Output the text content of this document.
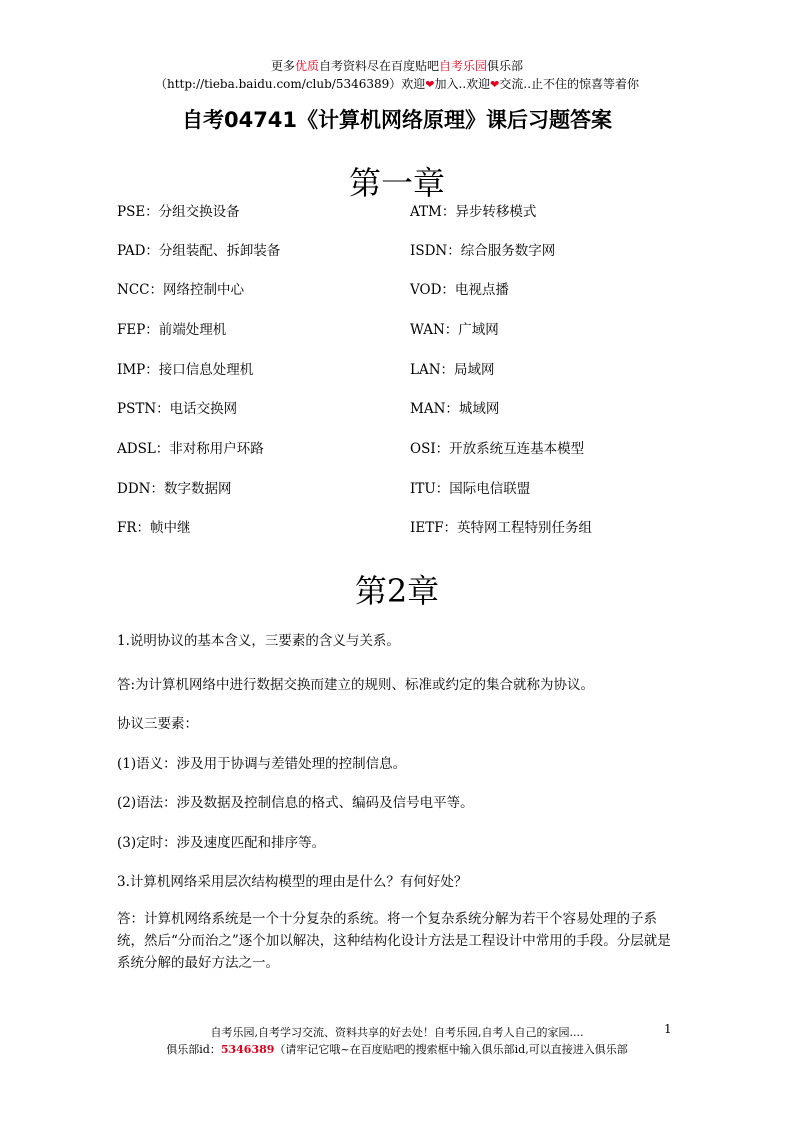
更多优质自考资料尽在百度贴吧自考乐园俱乐部
（http://tieba.baidu.com/club/5346389）欢迎❤加入..欢迎❤交流..止不住的惊喜等着你
自考04741《计算机网络原理》课后习题答案
第一章
PSE：分组交换设备	ATM：异步转移模式
PAD：分组装配、拆卸装备	ISDN：综合服务数字网
NCC：网络控制中心	VOD：电视点播
FEP：前端处理机	WAN：广域网
IMP：接口信息处理机	LAN：局域网
PSTN：电话交换网	MAN：城域网
ADSL：非对称用户环路	OSI：开放系统互连基本模型
DDN：数字数据网	ITU：国际电信联盟
FR：帧中继	IETF：英特网工程特别任务组
第2章
1.说明协议的基本含义，三要素的含义与关系。
答:为计算机网络中进行数据交换而建立的规则、标准或约定的集合就称为协议。
协议三要素：
(1)语义：涉及用于协调与差错处理的控制信息。
(2)语法：涉及数据及控制信息的格式、编码及信号电平等。
(3)定时：涉及速度匹配和排序等。
3.计算机网络采用层次结构模型的理由是什么？有何好处？
答：计算机网络系统是一个十分复杂的系统。将一个复杂系统分解为若干个容易处理的子系统，然后“分而治之”逐个加以解决，这种结构化设计方法是工程设计中常用的手段。分层就是系统分解的最好方法之一。
1
自考乐园,自考学习交流、资料共享的好去处！自考乐园,自考人自己的家园....
俱乐部id：5346389（请牢记它哦~在百度贴吧的搜索框中输入俱乐部id,可以直接进入俱乐部
